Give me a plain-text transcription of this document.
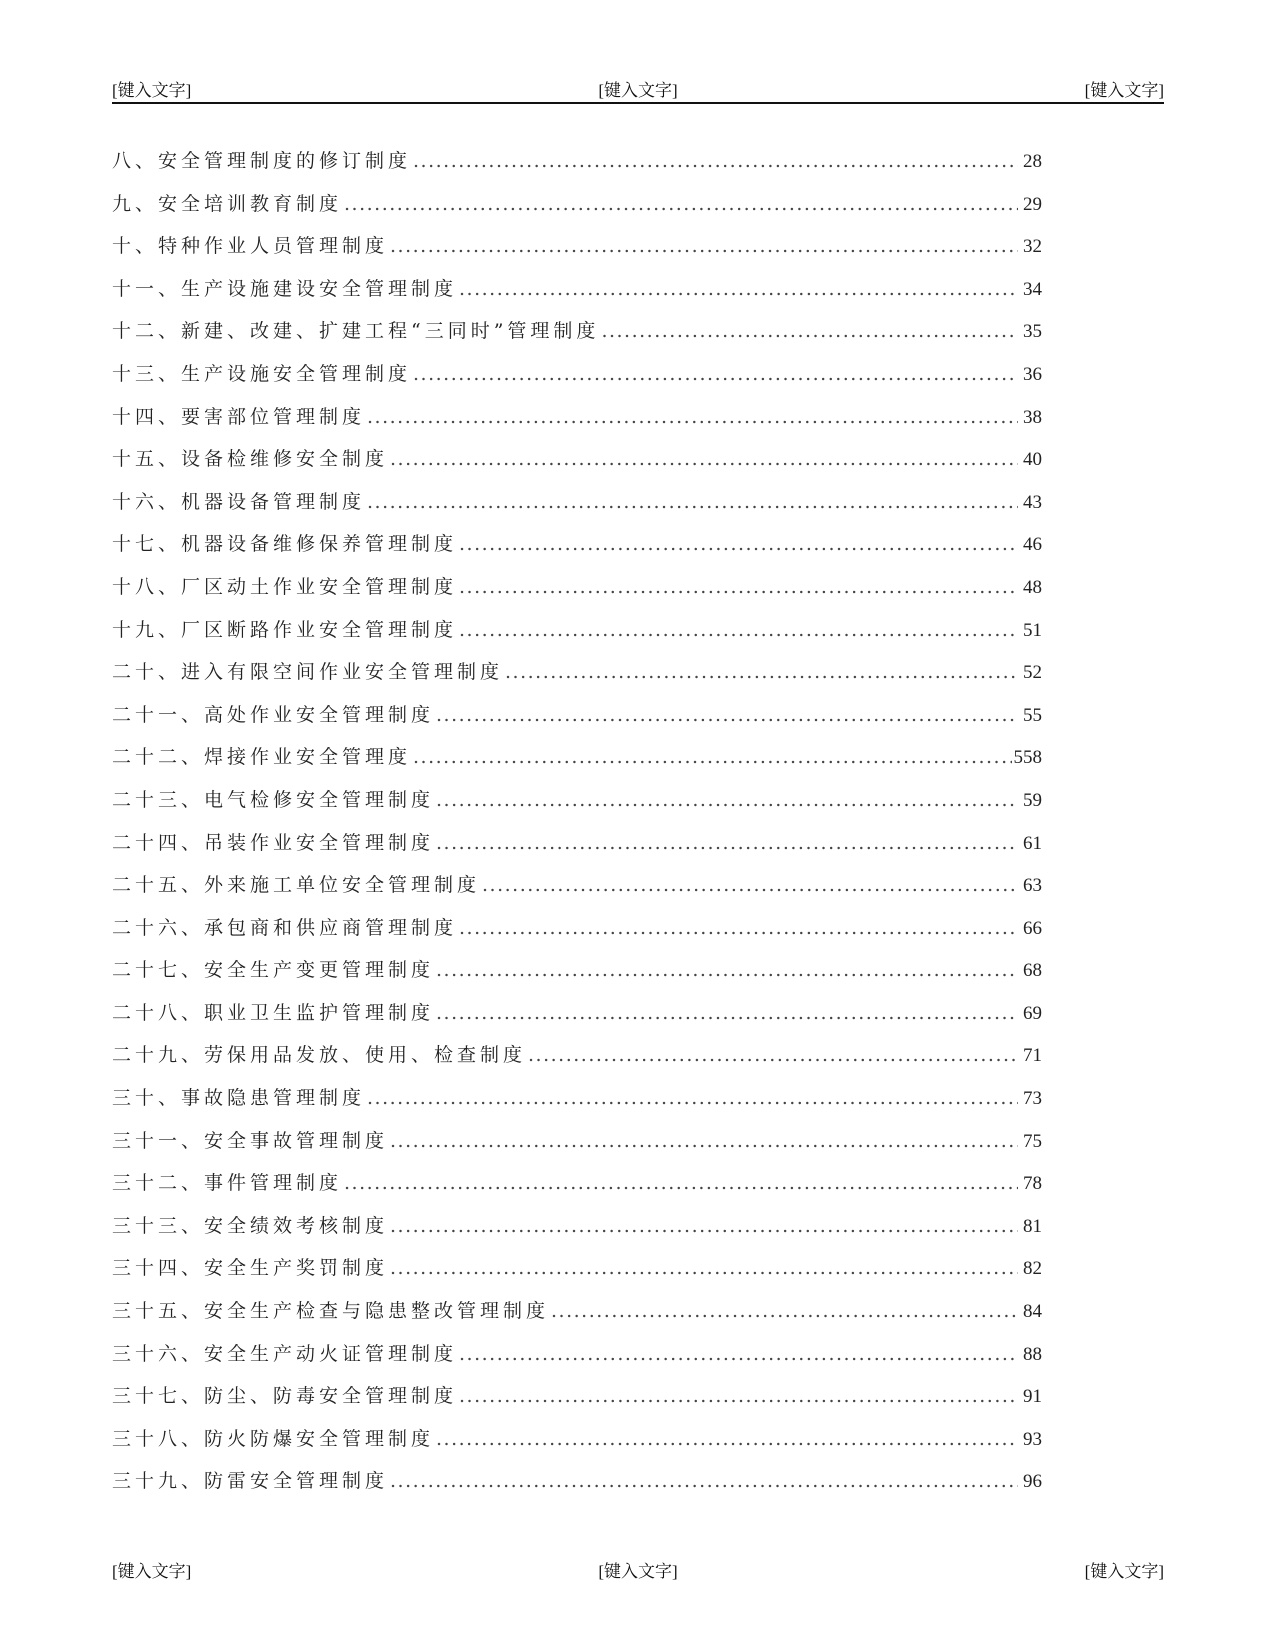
[键入文字]	[键入文字]	[键入文字]
八、安全管理制度的修订制度 .....	28
九、安全培训教育制度 .....	29
十、特种作业人员管理制度 .....	32
十一、生产设施建设安全管理制度 .....	34
十二、新建、改建、扩建工程“三同时”管理制度 .....	35
十三、生产设施安全管理制度 .....	36
十四、要害部位管理制度 .....	38
十五、设备检维修安全制度 .....	40
十六、机器设备管理制度 .....	43
十七、机器设备维修保养管理制度 .....	46
十八、厂区动土作业安全管理制度 .....	48
十九、厂区断路作业安全管理制度 .....	51
二十、进入有限空间作业安全管理制度 .....	52
二十一、高处作业安全管理制度 .....	55
二十二、焊接作业安全管理度 .....	558
二十三、电气检修安全管理制度 .....	59
二十四、吊装作业安全管理制度 .....	61
二十五、外来施工单位安全管理制度 .....	63
二十六、承包商和供应商管理制度 .....	66
二十七、安全生产变更管理制度 .....	68
二十八、职业卫生监护管理制度 .....	69
二十九、劳保用品发放、使用、检查制度 .....	71
三十、事故隐患管理制度 .....	73
三十一、安全事故管理制度 .....	75
三十二、事件管理制度 .....	78
三十三、安全绩效考核制度 .....	81
三十四、安全生产奖罚制度 .....	82
三十五、安全生产检查与隐患整改管理制度 .....	84
三十六、安全生产动火证管理制度 .....	88
三十七、防尘、防毒安全管理制度 .....	91
三十八、防火防爆安全管理制度 .....	93
三十九、防雷安全管理制度 .....	96
[键入文字]	[键入文字]	[键入文字]
